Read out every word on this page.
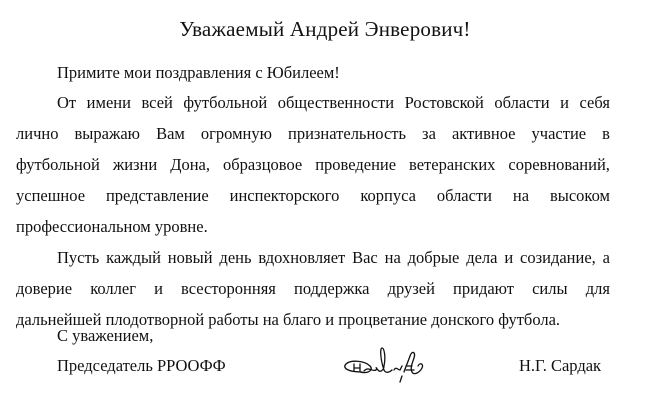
Уважаемый Андрей Энверович!
Примите мои поздравления с Юбилеем!
От имени всей футбольной общественности Ростовской области и себя
лично выражаю Вам огромную признательность за активное участие в
футбольной жизни Дона, образцовое проведение ветеранских соревнований,
успешное представление инспекторского корпуса области на высоком
профессиональном уровне.
Пусть каждый новый день вдохновляет Вас на добрые дела и созидание, а
доверие коллег и всесторонняя поддержка друзей придают силы для
дальнейшей плодотворной работы на благо и процветание донского футбола.
С уважением,
Председатель РРООФФ	Н.Г. Сардак
